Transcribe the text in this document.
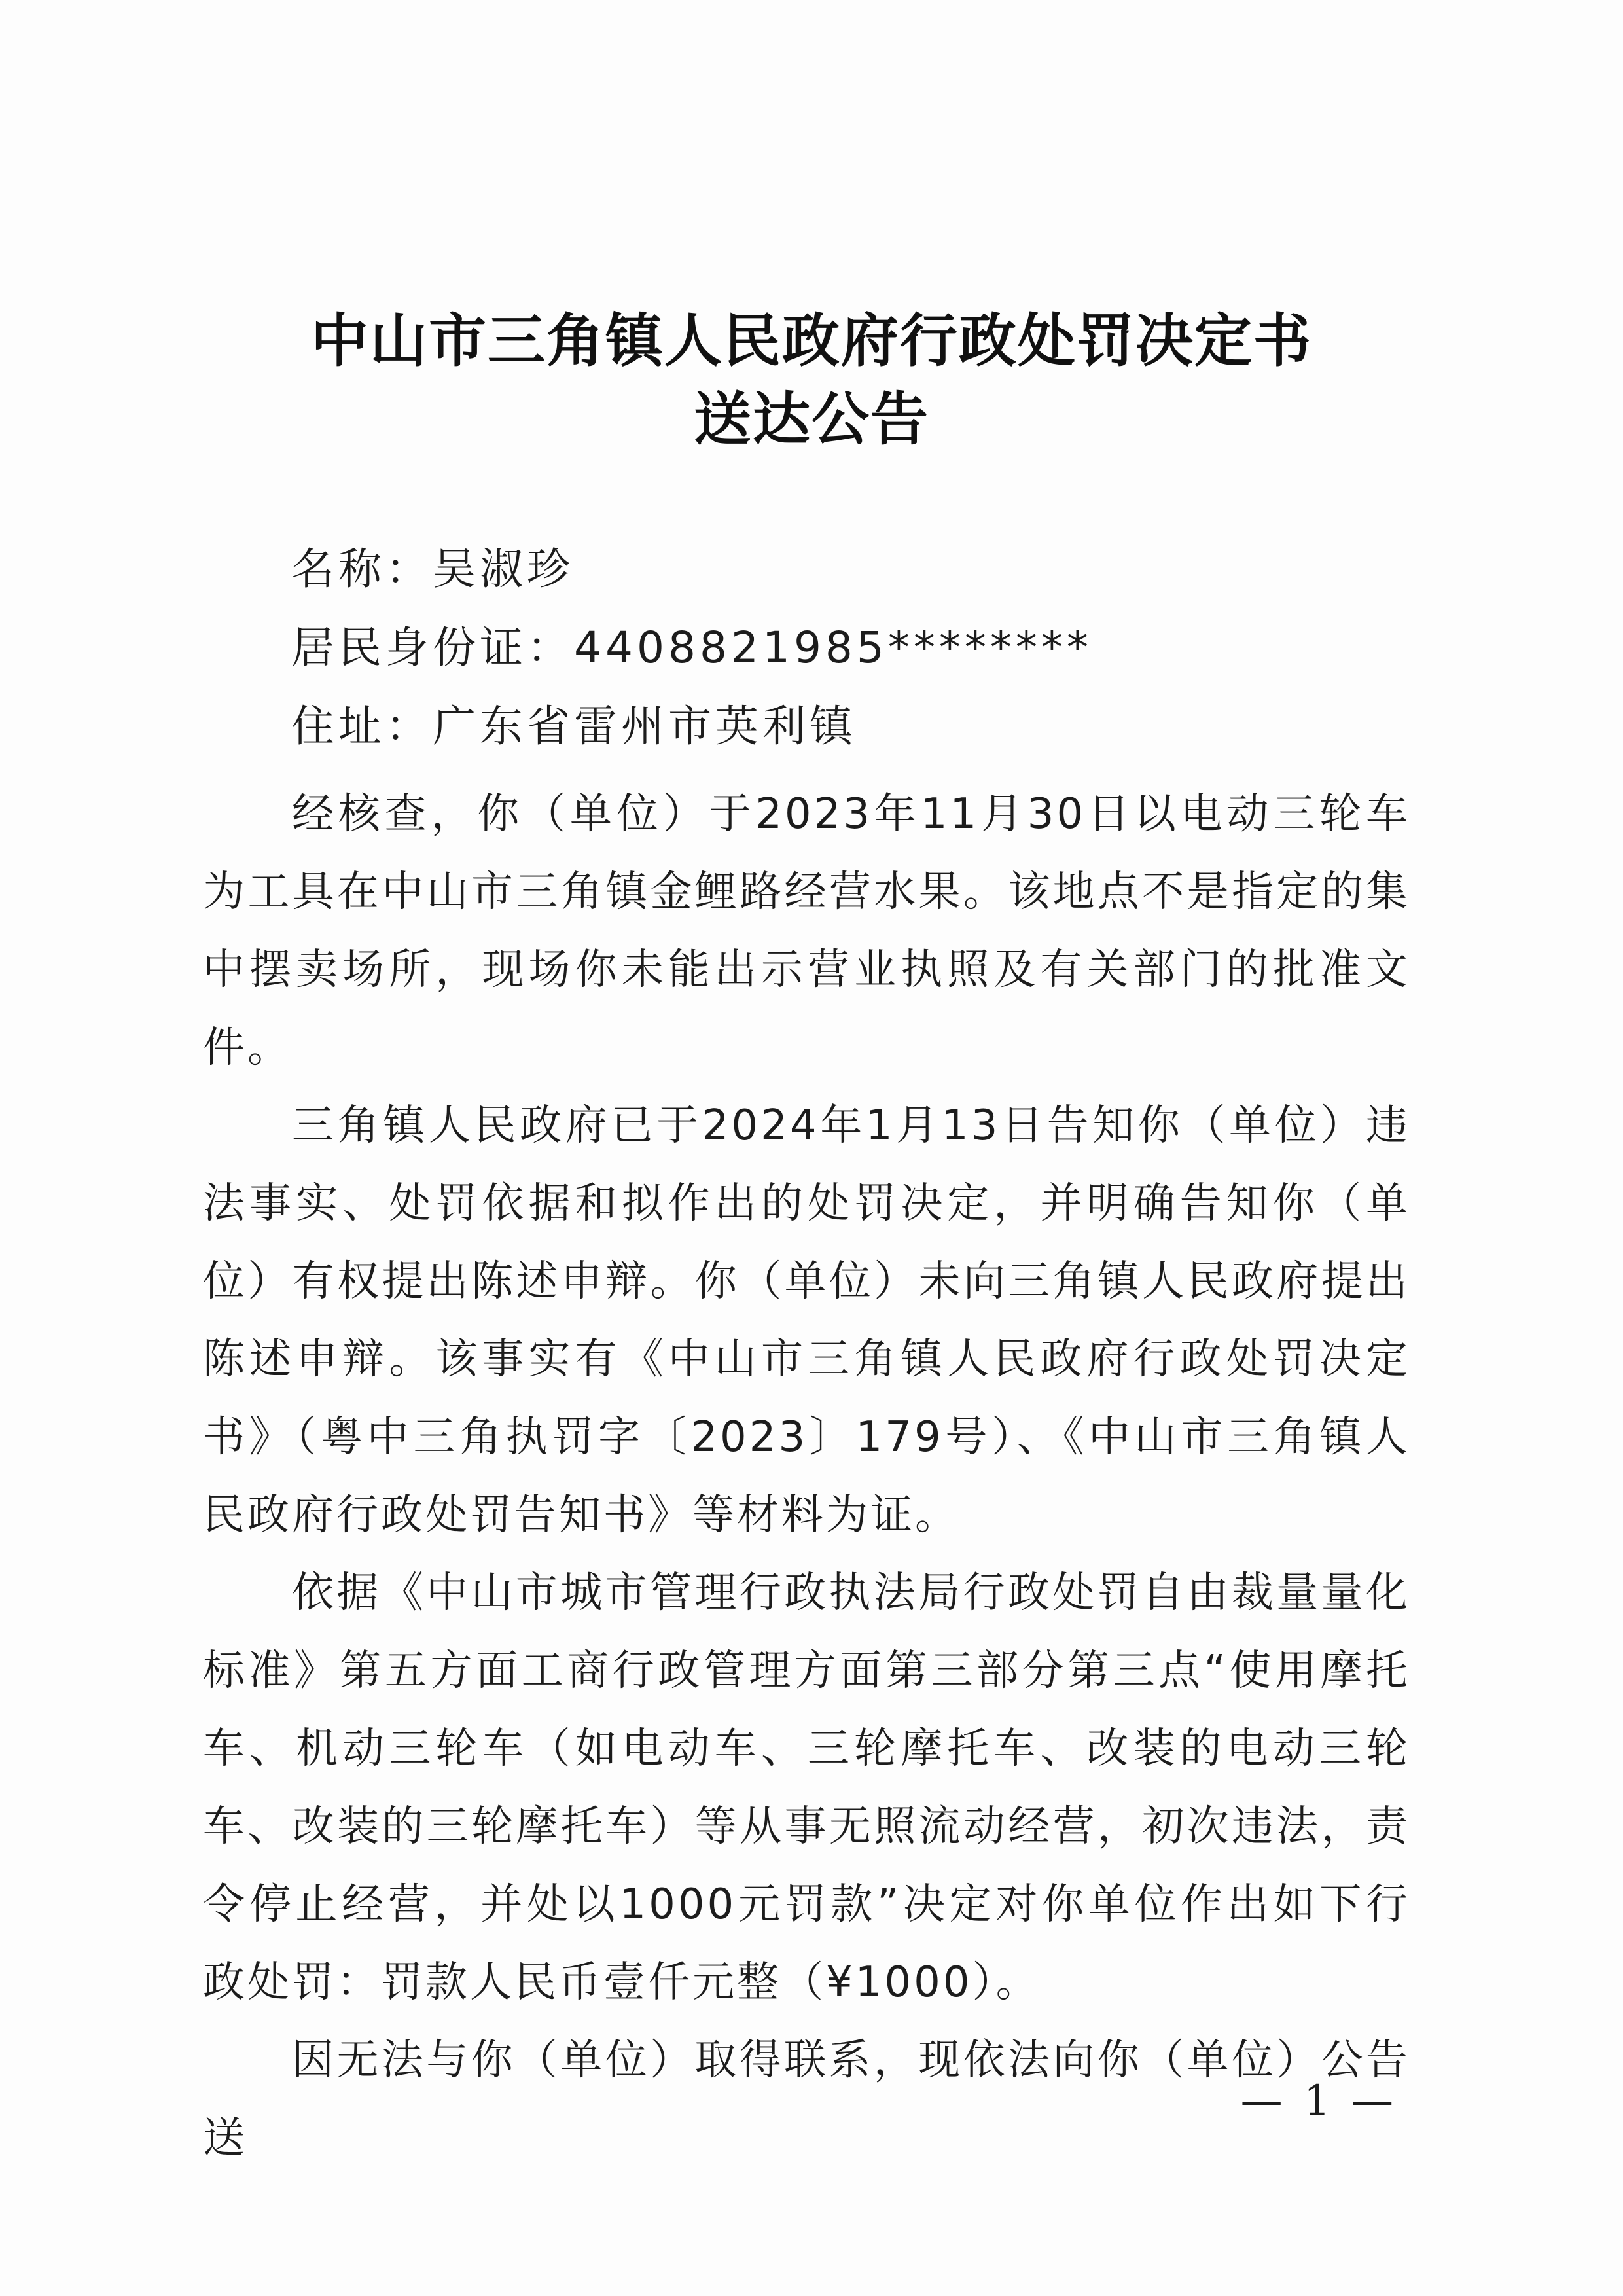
中山市三角镇人民政府行政处罚决定书
送达公告
名称：吴淑珍
居民身份证：4408821985********
住址：广东省雷州市英利镇

经核查，你（单位）于2023年11月30日以电动三轮车为工具在中山市三角镇金鲤路经营水果。该地点不是指定的集中摆卖场所，现场你未能出示营业执照及有关部门的批准文件。

三角镇人民政府已于2024年1月13日告知你（单位）违法事实、处罚依据和拟作出的处罚决定，并明确告知你（单位）有权提出陈述申辩。你（单位）未向三角镇人民政府提出陈述申辩。该事实有《中山市三角镇人民政府行政处罚决定书》（粤中三角执罚字〔2023〕179号）、《中山市三角镇人民政府行政处罚告知书》等材料为证。

依据《中山市城市管理行政执法局行政处罚自由裁量量化标准》第五方面工商行政管理方面第三部分第三点“使用摩托车、机动三轮车（如电动车、三轮摩托车、改装的电动三轮车、改装的三轮摩托车）等从事无照流动经营，初次违法，责令停止经营，并处以1000元罚款”决定对你单位作出如下行政处罚：罚款人民币壹仟元整（¥1000）。

因无法与你（单位）取得联系，现依法向你（单位）公告送

— 1 —
